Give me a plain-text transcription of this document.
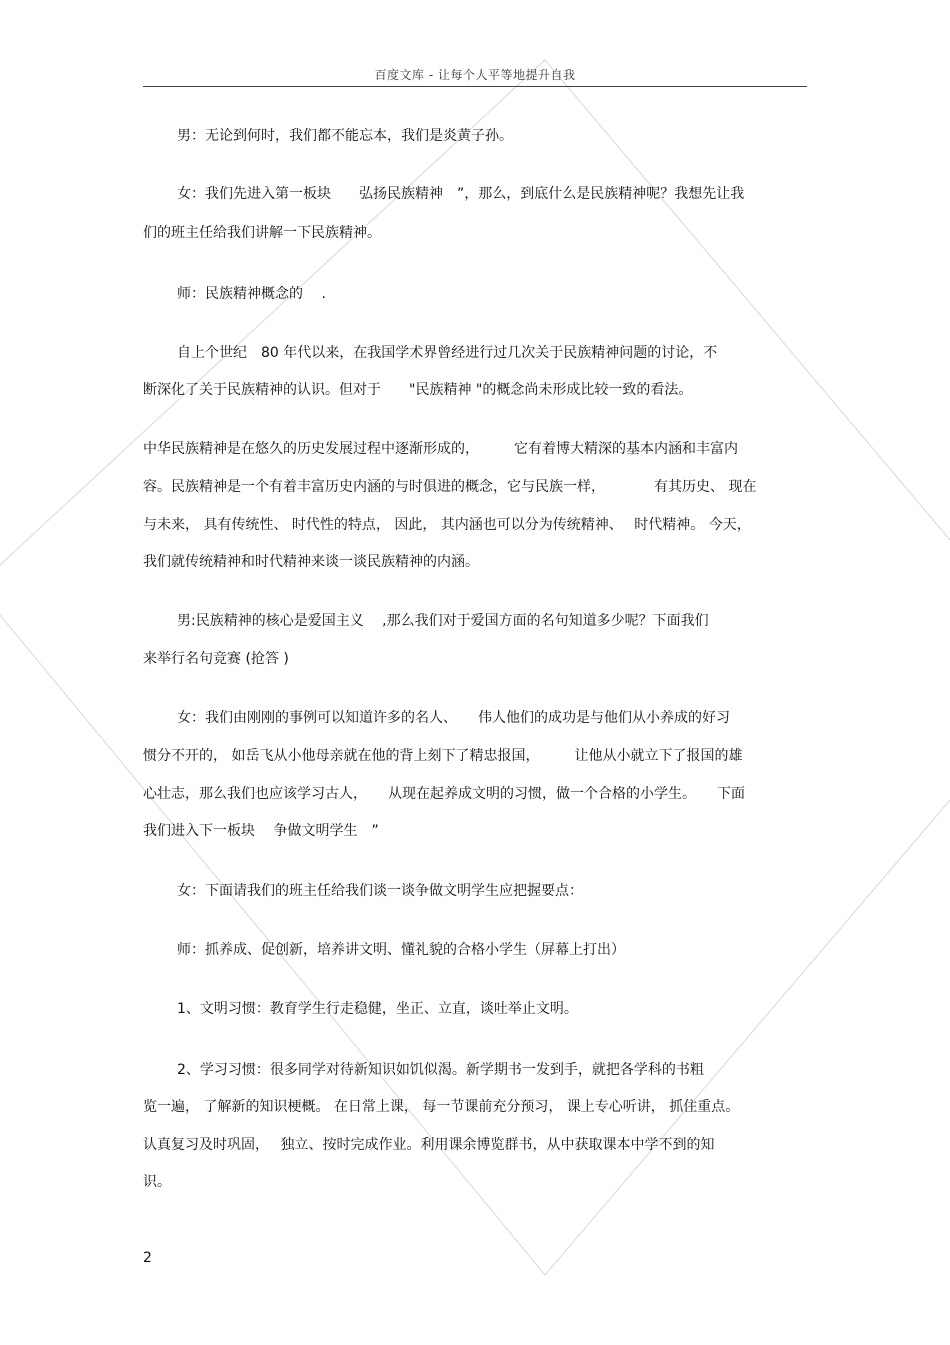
百度文库 - 让每个人平等地提升自我
男：无论到何时，我们都不能忘本，我们是炎黄子孙。
女：我们先进入第一板块　　弘扬民族精神　”，那么，到底什么是民族精神呢？我想先让我
们的班主任给我们讲解一下民族精神。
师：民族精神概念的　 .
自上个世纪　80 年代以来，在我国学术界曾经进行过几次关于民族精神问题的讨论，不
断深化了关于民族精神的认识。但对于　　"民族精神 "的概念尚未形成比较一致的看法。
中华民族精神是在悠久的历史发展过程中逐渐形成的，　　　它有着博大精深的基本内涵和丰富内
容。民族精神是一个有着丰富历史内涵的与时俱进的概念，它与民族一样，　　　　有其历史、 现在
与未来， 具有传统性、 时代性的特点， 因此， 其内涵也可以分为传统精神、　 时代精神。 今天，
我们就传统精神和时代精神来谈一谈民族精神的内涵。
男:民族精神的核心是爱国主义　 ,那么我们对于爱国方面的名句知道多少呢？下面我们
来举行名句竞赛 (抢答 )
女：我们由刚刚的事例可以知道许多的名人、　　伟人他们的成功是与他们从小养成的好习
惯分不开的， 如岳飞从小他母亲就在他的背上刻下了精忠报国，　　　让他从小就立下了报国的雄
心壮志，那么我们也应该学习古人，　　从现在起养成文明的习惯，做一个合格的小学生。　　下面
我们进入下一板块　 争做文明学生　”
女：下面请我们的班主任给我们谈一谈争做文明学生应把握要点：
师：抓养成、促创新，培养讲文明、懂礼貌的合格小学生（屏幕上打出）
1、文明习惯：教育学生行走稳健，坐正、立直，谈吐举止文明。
2、学习习惯：很多同学对待新知识如饥似渴。新学期书一发到手，就把各学科的书粗
览一遍， 了解新的知识梗概。 在日常上课， 每一节课前充分预习， 课上专心听讲， 抓住重点。
认真复习及时巩固，　 独立、按时完成作业。利用课余博览群书，从中获取课本中学不到的知
识。
2
